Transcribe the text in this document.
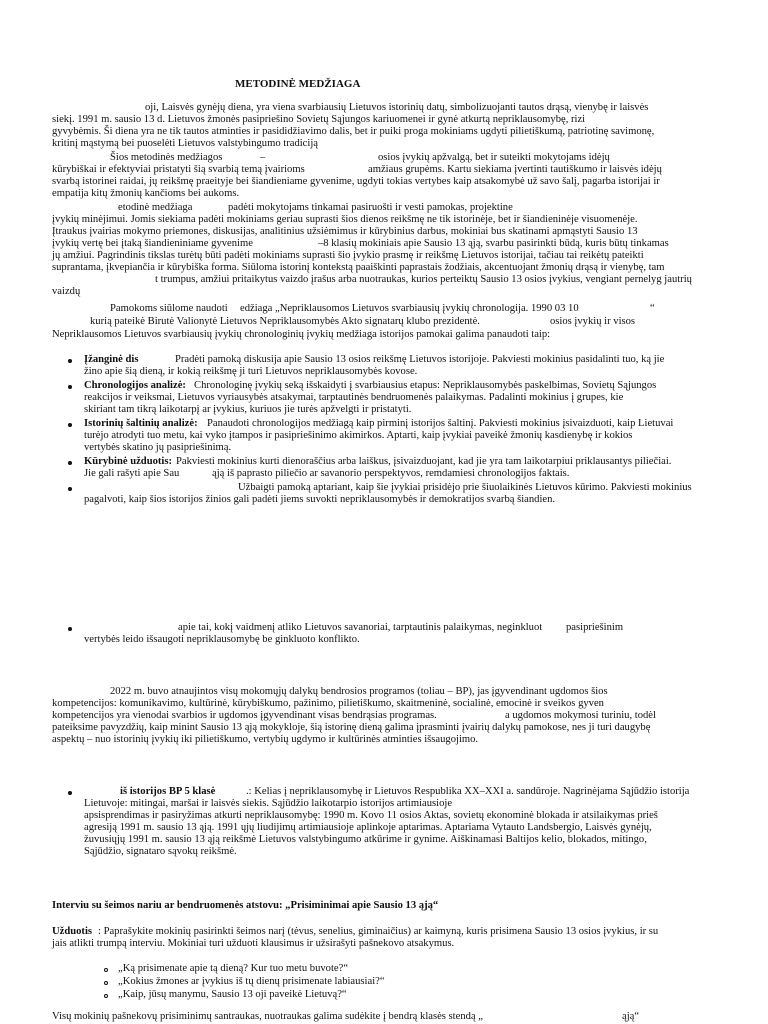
METODINĖ MEDŽIAGA
oji, Laisvės gynėjų diena, yra viena svarbiausių Lietuvos istorinių datų, simbolizuojanti tautos drąsą, vienybę ir laisvės
siekį. 1991 m. sausio 13 d. Lietuvos žmonės pasipriešino Sovietų Sąjungos kariuomenei ir gynė atkurtą nepriklausomybę, rizi
gyvybėmis. Ši diena yra ne tik tautos atminties ir pasididžiavimo dalis, bet ir puiki proga mokiniams ugdyti pilietiškumą, patriotinę savimonę,
kritinį mąstymą bei puoselėti Lietuvos valstybingumo tradiciją
Šios metodinės medžiagos	–	osios įvykių apžvalgą, bet ir suteikti mokytojams idėjų
kūrybiškai ir efektyviai pristatyti šią svarbią temą įvairioms	amžiaus grupėms. Kartu siekiama įvertinti tautiškumo ir laisvės idėjų
svarbą istorinei raidai, jų reikšmę praeityje bei šiandieniame gyvenime, ugdyti tokias vertybes kaip atsakomybė už savo šalį, pagarba istorijai ir
empatija kitų žmonių kančioms bei aukoms.
etodinė medžiaga	padėti mokytojams tinkamai pasiruošti ir vesti pamokas, projektine
įvykių minėjimui. Jomis siekiama padėti mokiniams geriau suprasti šios dienos reikšmę ne tik istorinėje, bet ir šiandieninėje visuomenėje.
Įtraukus įvairias mokymo priemones, diskusijas, analitinius užsiėmimus ir kūrybinius darbus, mokiniai bus skatinami apmąstyti Sausio 13
įvykių vertę bei įtaką šiandieniniame gyvenime	–8 klasių mokiniais apie Sausio 13 ąją, svarbu pasirinkti būdą, kuris būtų tinkamas
jų amžiui. Pagrindinis tikslas turėtų būti padėti mokiniams suprasti šio įvykio prasmę ir reikšmę Lietuvos istorijai, tačiau tai reikėtų pateikti
suprantama, įkvepiančia ir kūrybiška forma. Siūloma istorinį kontekstą paaiškinti paprastais žodžiais, akcentuojant žmonių drąsą ir vienybę, tam
t trumpus, amžiui pritaikytus vaizdo įrašus arba nuotraukas, kurios perteiktų Sausio 13 osios įvykius, vengiant pernelyg jautrių
vaizdų
Pamokoms siūlome naudoti edžiaga „Nepriklausomos Lietuvos svarbiausių įvykių chronologija. 1990 03 10	“
kurią pateikė Birutė Valionytė Lietuvos Nepriklausomybės Akto signatarų klubo prezidentė.	osios įvykių ir visos
Nepriklausomos Lietuvos svarbiausių įvykių chronologinių įvykių medžiaga istorijos pamokai galima panaudoti taip:
Įžanginė dis	Pradėti pamoką diskusija apie Sausio 13 osios reikšmę Lietuvos istorijoje. Pakviesti mokinius pasidalinti tuo, ką jie
žino apie šią dieną, ir kokią reikšmę ji turi Lietuvos nepriklausomybės kovose.
Chronologijos analizė: Chronologinę įvykių seką išskaidyti į svarbiausius etapus: Nepriklausomybės paskelbimas, Sovietų Sąjungos
reakcijos ir veiksmai, Lietuvos vyriausybės atsakymai, tarptautinės bendruomenės palaikymas. Padalinti mokinius į grupes, kie
skiriant tam tikrą laikotarpį ar įvykius, kuriuos jie turės apžvelgti ir pristatyti.
Istorinių šaltinių analizė: Panaudoti chronologijos medžiagą kaip pirminį istorijos šaltinį. Pakviesti mokinius įsivaizduoti, kaip Lietuvai
turėjo atrodyti tuo metu, kai vyko įtampos ir pasipriešinimo akimirkos. Aptarti, kaip įvykiai paveikė žmonių kasdienybę ir kokios
vertybės skatino jų pasipriešinimą.
Kūrybinė užduotis: Pakviesti mokinius kurti dienoraščius arba laiškus, įsivaizduojant, kad jie yra tam laikotarpiui priklausantys piliečiai.
Jie gali rašyti apie Sau	ąją iš paprasto piliečio ar savanorio perspektyvos, remdamiesi chronologijos faktais.
Užbaigti pamoką aptariant, kaip šie įvykiai prisidėjo prie šiuolaikinės Lietuvos kūrimo. Pakviesti mokinius
pagalvoti, kaip šios istorijos žinios gali padėti jiems suvokti nepriklausomybės ir demokratijos svarbą šiandien.
apie tai, kokį vaidmenį atliko Lietuvos savanoriai, tarptautinis palaikymas, neginkluot pasipriešinim
vertybės leido išsaugoti nepriklausomybę be ginkluoto konflikto.
2022 m. buvo atnaujintos visų mokomųjų dalykų bendrosios programos (toliau – BP), jas įgyvendinant ugdomos šios
kompetencijos: komunikavimo, kultūrinė, kūrybiškumo, pažinimo, pilietiškumo, skaitmeninė, socialinė, emocinė ir sveikos gyven
kompetencijos yra vienodai svarbios ir ugdomos įgyvendinant visas bendrąsias programas.	a ugdomos mokymosi turiniu, todėl
pateiksime pavyzdžių, kaip minint Sausio 13 ąją mokykloje, šią istorinę dieną galima įprasminti įvairių dalykų pamokose, nes ji turi daugybę
aspektų – nuo istorinių įvykių iki pilietiškumo, vertybių ugdymo ir kultūrinės atminties išsaugojimo.
iš istorijos BP 5 klasė	.: Kelias į nepriklausomybę ir Lietuvos Respublika XX–XXI a. sandūroje. Nagrinėjama Sąjūdžio istorija
Lietuvoje: mitingai, maršai ir laisvės siekis. Sąjūdžio laikotarpio istorijos artimiausioje
apsisprendimas ir pasiryžimas atkurti nepriklausomybę: 1990 m. Kovo 11 osios Aktas, sovietų ekonominė blokada ir atsilaikymas prieš
agresiją 1991 m. sausio 13 ąją. 1991 ųjų liudijimų artimiausioje aplinkoje aptarimas. Aptariama Vytauto Landsbergio, Laisvės gynėjų,
žuvusiųjų 1991 m. sausio 13 ąją reikšmė Lietuvos valstybingumo atkūrime ir gynime. Aiškinamasi Baltijos kelio, blokados, mitingo,
Sąjūdžio, signataro sąvokų reikšmė.
Interviu su šeimos nariu ar bendruomenės atstovu: „Prisiminimai apie Sausio 13 ąją“
Užduotis : Paprašykite mokinių pasirinkti šeimos narį (tėvus, senelius, giminaičius) ar kaimyną, kuris prisimena Sausio 13 osios įvykius, ir su
jais atlikti trumpą interviu. Mokiniai turi užduoti klausimus ir užsirašyti pašnekovo atsakymus.
„Ką prisimenate apie tą dieną? Kur tuo metu buvote?“
„Kokius žmones ar įvykius iš tų dienų prisimenate labiausiai?“
„Kaip, jūsų manymu, Sausio 13 oji paveikė Lietuvą?“
Visų mokinių pašnekovų prisiminimų santraukas, nuotraukas galima sudėkite į bendrą klasės stendą „	ąją“
